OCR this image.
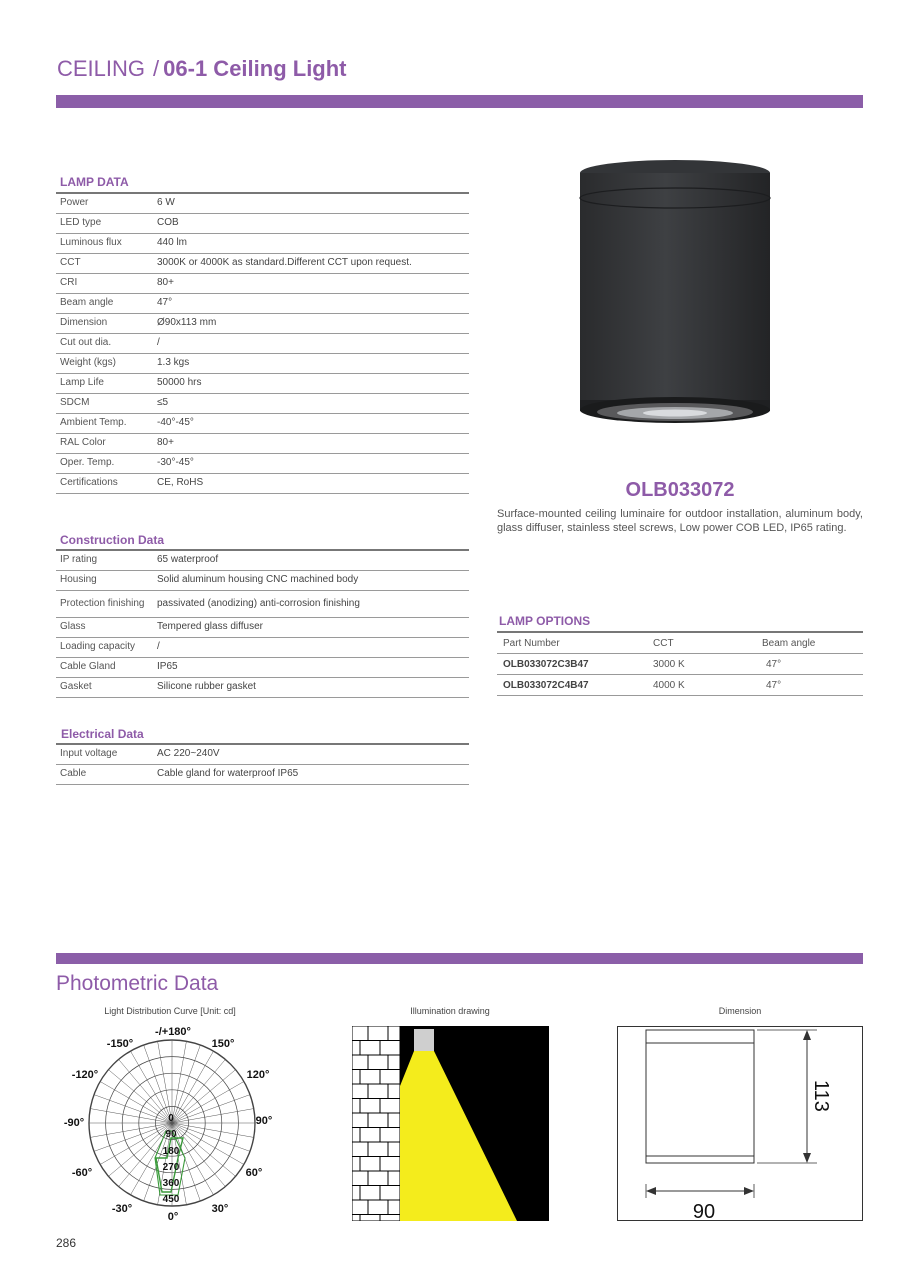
CEILING / 06-1 Ceiling Light
LAMP DATA
Power	6 W
LED type	COB
Luminous flux	440 lm
CCT	3000K or 4000K as standard.Different CCT upon request.
CRI	80+
Beam angle	47°
Dimension	Ø90x113 mm
Cut out dia.	/
Weight (kgs)	1.3 kgs
Lamp Life	50000 hrs
SDCM	≤5
Ambient Temp.	-40°-45°
RAL Color	80+
Oper. Temp.	-30°-45°
Certifications	CE, RoHS
Construction Data
IP rating	65 waterproof
Housing	Solid aluminum housing CNC machined body
Protection finishing	passivated (anodizing) anti-corrosion finishing
Glass	Tempered glass diffuser
Loading capacity	/
Cable Gland	IP65
Gasket	Silicone rubber gasket
Electrical Data
Input voltage	AC 220~240V
Cable	Cable gland for waterproof IP65
OLB033072
Surface-mounted ceiling luminaire for outdoor installation, aluminum body, glass diffuser, stainless steel screws, Low power COB LED, IP65 rating.
LAMP OPTIONS
Part Number	CCT	Beam angle
OLB033072C3B47	3000 K	47°
OLB033072C4B47	4000 K	47°
Photometric Data
Light Distribution Curve [Unit: cd]	Illumination drawing	Dimension
-/+180°
-150°	150°
-120°	120°
-90°	90°
-60°	60°
-30°	30°
0°
0
90
180
270
360
450
113
90
286
